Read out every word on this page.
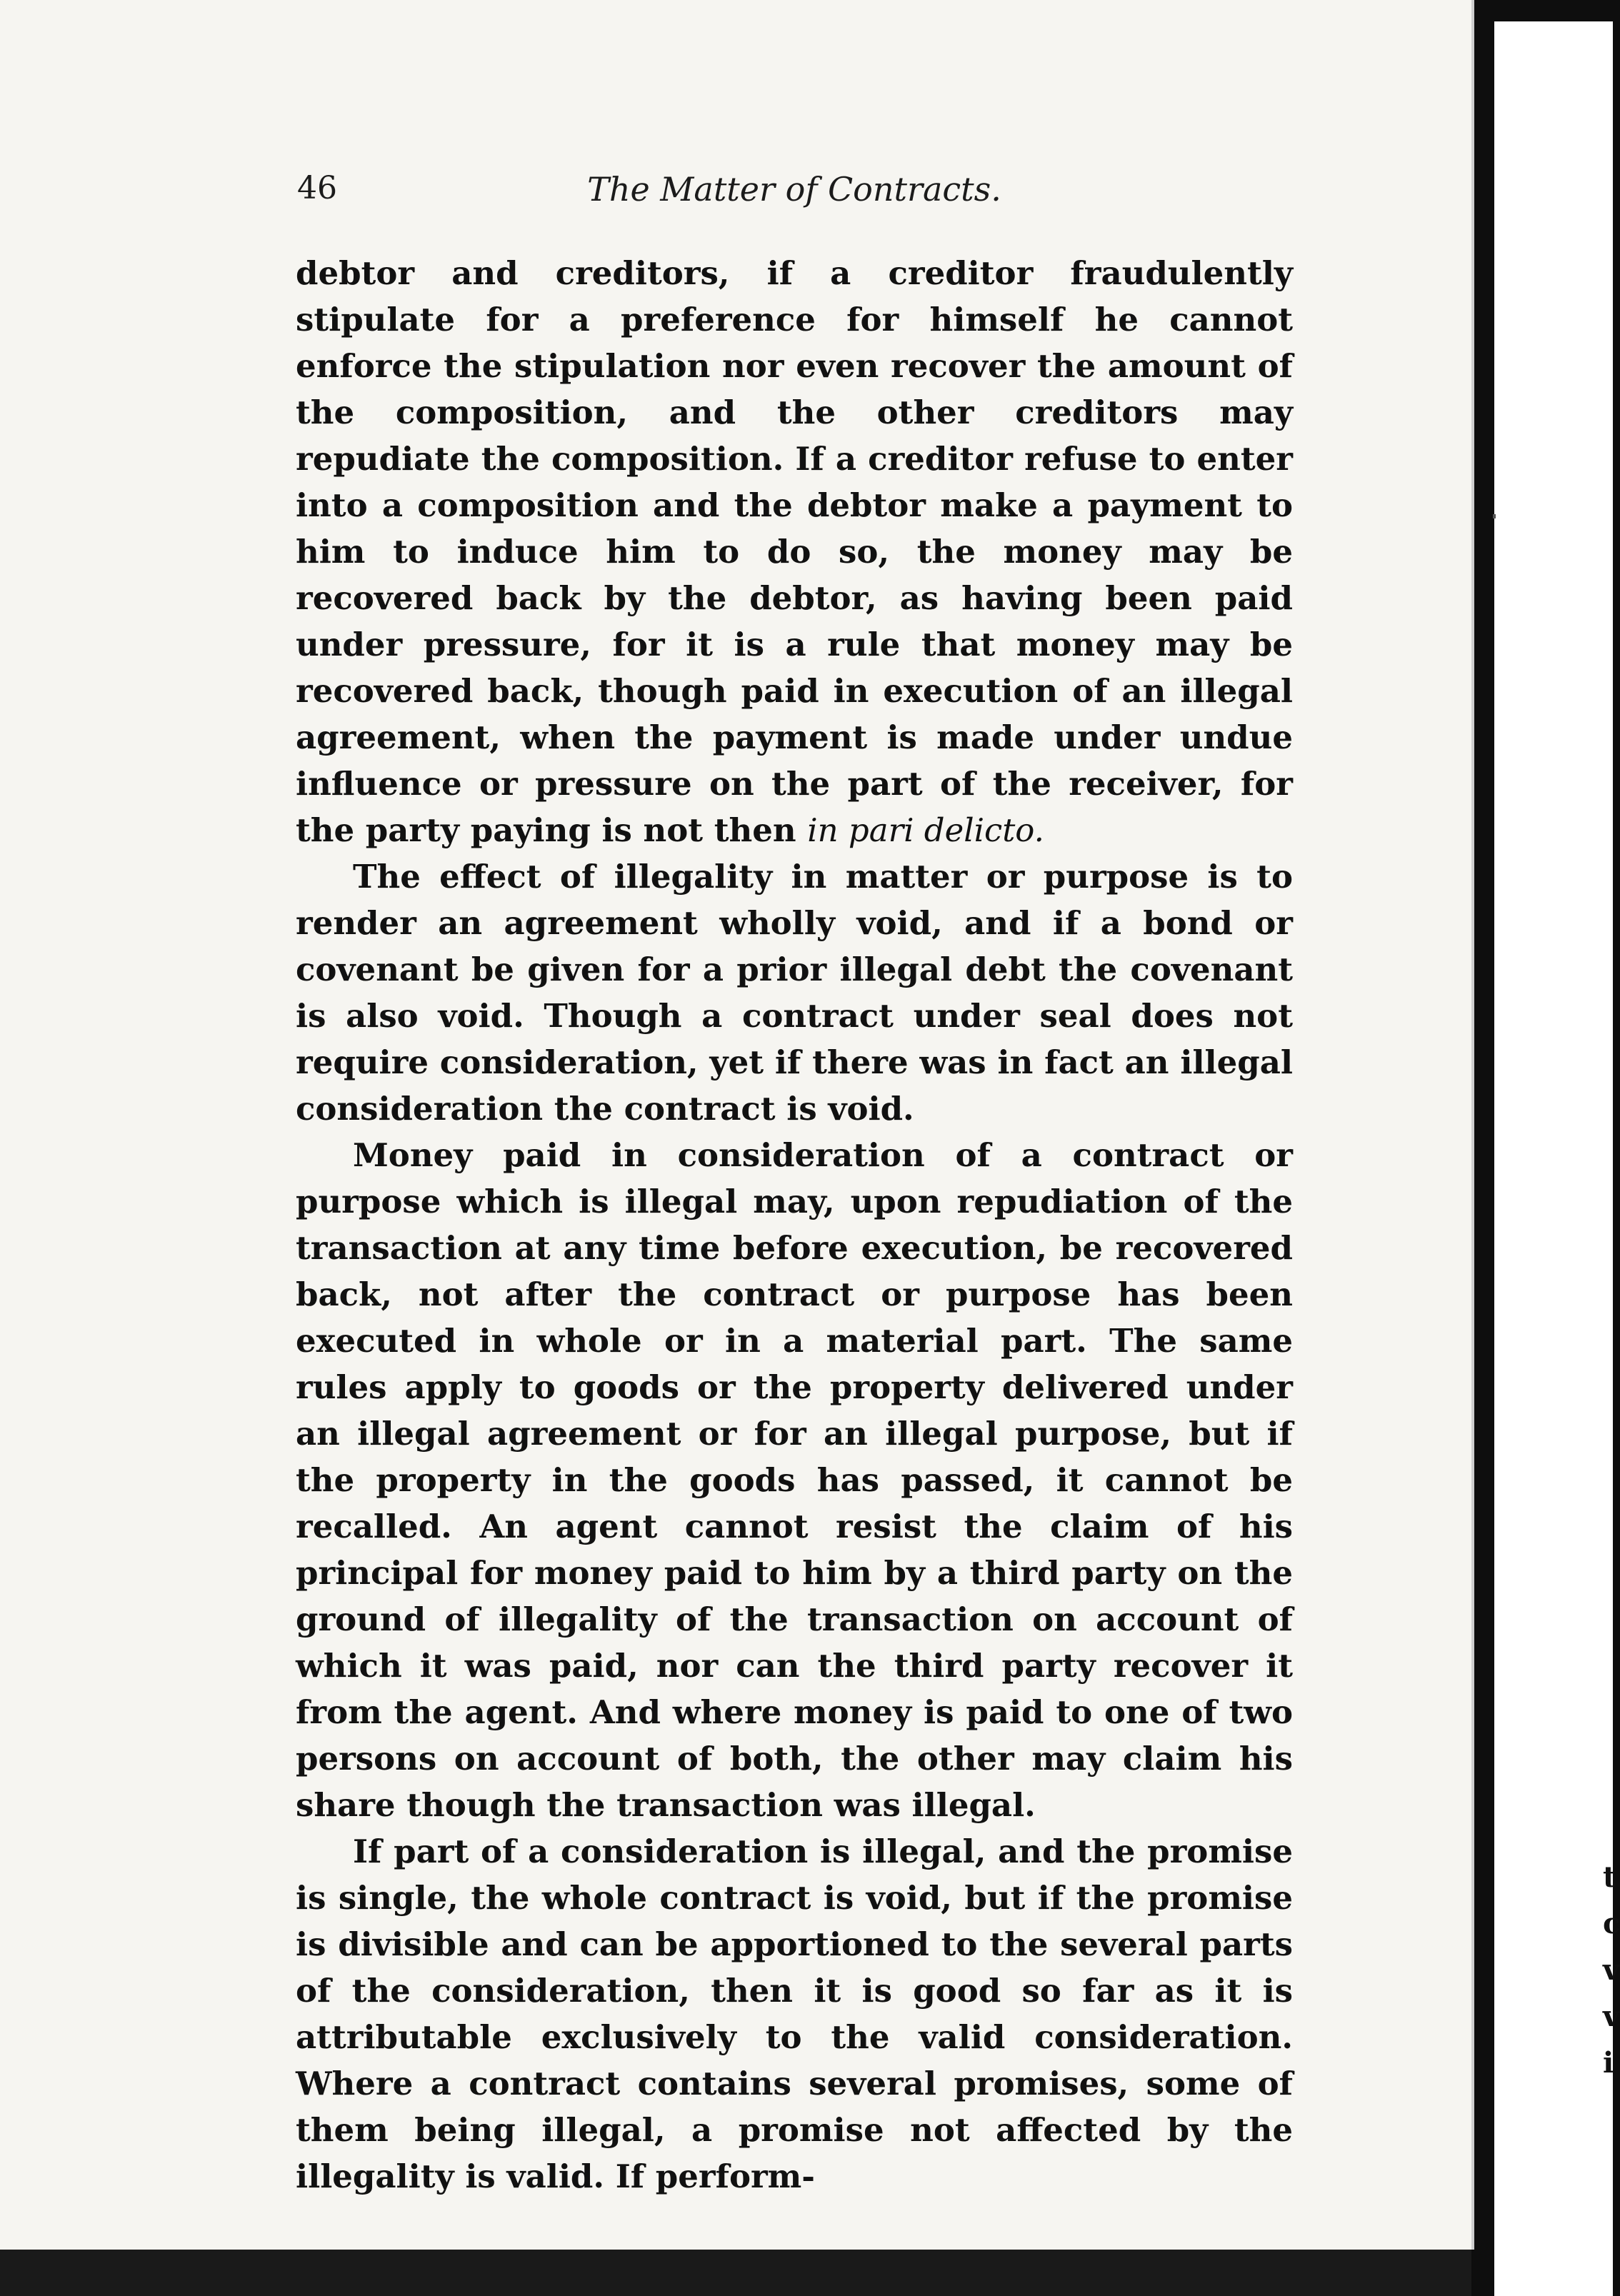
46	The Matter of Contracts.

debtor and creditors, if a creditor fraudulently stipulate for a preference for himself he cannot enforce the stipulation nor even recover the amount of the composition, and the other creditors may repudiate the composition. If a creditor refuse to enter into a composition and the debtor make a payment to him to induce him to do so, the money may be recovered back by the debtor, as having been paid under pressure, for it is a rule that money may be recovered back, though paid in execution of an illegal agreement, when the payment is made under undue influence or pressure on the part of the receiver, for the party paying is not then in pari delicto.

The effect of illegality in matter or purpose is to render an agreement wholly void, and if a bond or covenant be given for a prior illegal debt the covenant is also void. Though a contract under seal does not require consideration, yet if there was in fact an illegal consideration the contract is void.

Money paid in consideration of a contract or purpose which is illegal may, upon repudiation of the transaction at any time before execution, be recovered back, not after the contract or purpose has been executed in whole or in a material part. The same rules apply to goods or the property delivered under an illegal agreement or for an illegal purpose, but if the property in the goods has passed, it cannot be recalled. An agent cannot resist the claim of his principal for money paid to him by a third party on the ground of illegality of the transaction on account of which it was paid, nor can the third party recover it from the agent. And where money is paid to one of two persons on account of both, the other may claim his share though the transaction was illegal.

If part of a consideration is illegal, and the promise is single, the whole contract is void, but if the promise is divisible and can be apportioned to the several parts of the consideration, then it is good so far as it is attributable exclusively to the valid consideration. Where a contract contains several promises, some of them being illegal, a promise not affected by the illegality is valid. If perform-

t
c
v
v
i
